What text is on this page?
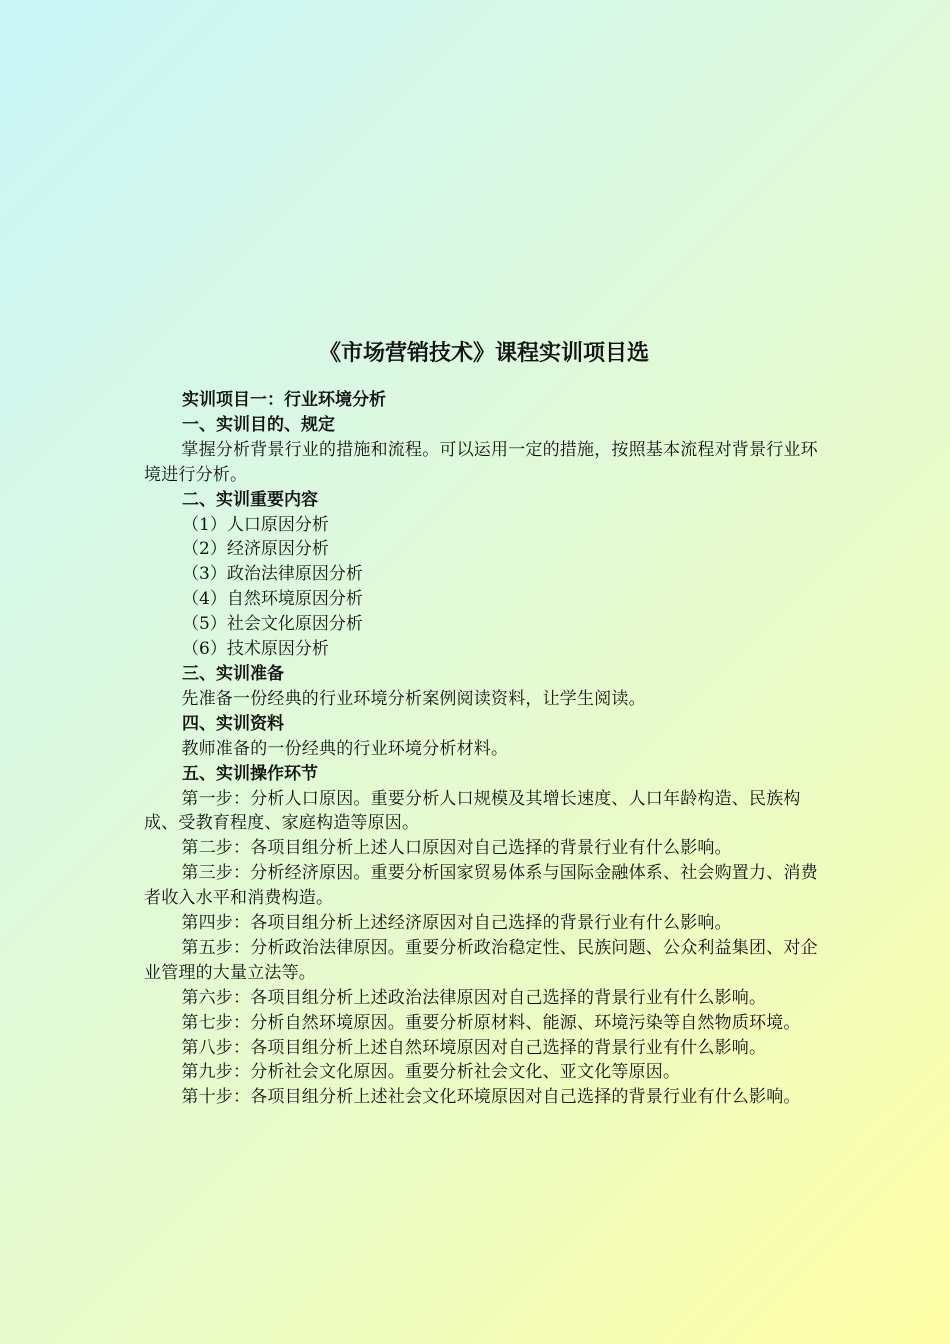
《市场营销技术》课程实训项目选
实训项目一：行业环境分析
一、实训目的、规定

掌握分析背景行业的措施和流程。可以运用一定的措施，按照基本流程对背景行业环境进行分析。

二、实训重要内容
（1）人口原因分析
（2）经济原因分析
（3）政治法律原因分析
（4）自然环境原因分析
（5）社会文化原因分析
（6）技术原因分析
三、实训准备

先准备一份经典的行业环境分析案例阅读资料，让学生阅读。

四、实训资料

教师准备的一份经典的行业环境分析材料。

五、实训操作环节

第一步：分析人口原因。重要分析人口规模及其增长速度、人口年龄构造、民族构成、受教育程度、家庭构造等原因。

第二步：各项目组分析上述人口原因对自己选择的背景行业有什么影响。

第三步：分析经济原因。重要分析国家贸易体系与国际金融体系、社会购置力、消费者收入水平和消费构造。

第四步：各项目组分析上述经济原因对自己选择的背景行业有什么影响。

第五步：分析政治法律原因。重要分析政治稳定性、民族问题、公众利益集团、对企业管理的大量立法等。

第六步：各项目组分析上述政治法律原因对自己选择的背景行业有什么影响。

第七步：分析自然环境原因。重要分析原材料、能源、环境污染等自然物质环境。

第八步：各项目组分析上述自然环境原因对自己选择的背景行业有什么影响。

第九步：分析社会文化原因。重要分析社会文化、亚文化等原因。

第十步：各项目组分析上述社会文化环境原因对自己选择的背景行业有什么影响。
